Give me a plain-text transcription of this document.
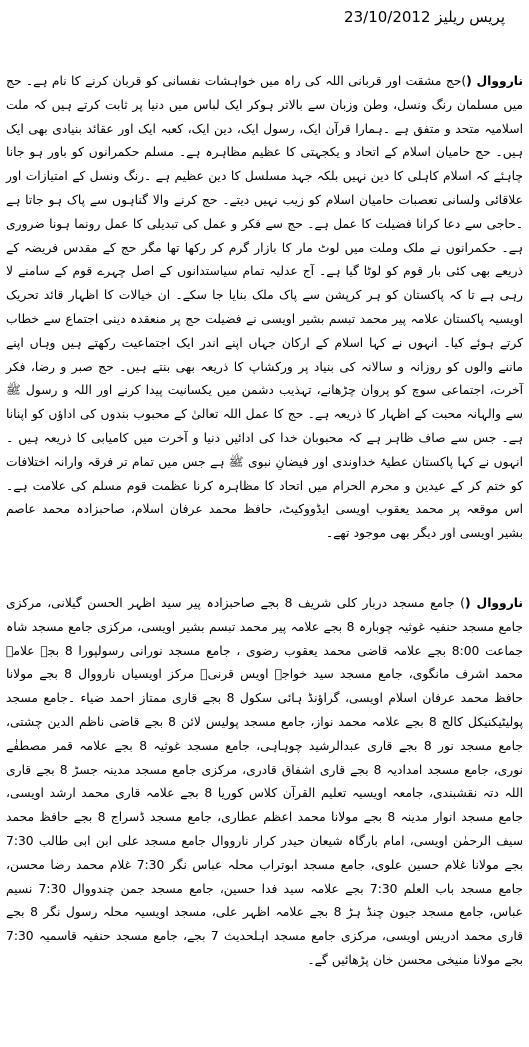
پریس ریلیز 23/10/2012
نارووال ()حج مشقت اور قربانی اللہ کی راہ میں خواہشات نفسانی کو قربان کرنے کا نام ہے۔ حج میں مسلمان رنگ ونسل، وطن وزبان سے بالاتر ہوکر ایک لباس میں دنیا پر ثابت کرتے ہیں کہ ملت اسلامیہ متحد و متفق ہے ۔ہمارا قرآن ایک، رسول ایک، دین ایک، کعبہ ایک اور عقائد بنیادی بھی ایک ہیں۔ حج حامیان اسلام کے اتحاد و یکجہتی کا عظیم مظاہرہ ہے۔ مسلم حکمرانوں کو باور ہو جانا چاہئے کہ اسلام کاہلی کا دین نہیں بلکہ جہد مسلسل کا دین عظیم ہے ۔رنگ ونسل کے امتیازات اور علاقائی ولسانی تعصبات حامیان اسلام کو زیب نہیں دیتے۔ حج کرنے والا گناہوں سے پاک ہو جاتا ہے ۔حاجی سے دعا کرانا فضیلت کا عمل ہے۔ حج سے فکر و عمل کی تبدیلی کا عمل رونما ہونا ضروری ہے۔ حکمرانوں نے ملک وملت میں لوٹ مار کا بازار گرم کر رکھا تھا مگر حج کے مقدس فریضہ کے ذریعے بھی کئی بار قوم کو لوٹا گیا ہے۔ آج عدلیہ تمام سیاستدانوں کے اصل چہرے قوم کے سامنے لا رہی ہے تا کہ پاکستان کو ہر کرپشن سے پاک ملک بنایا جا سکے۔ ان خیالات کا اظہار قائد تحریک اویسیہ پاکستان علامہ پیر محمد تبسم بشیر اویسی نے فضیلت حج پر منعقدہ دینی اجتماع سے خطاب کرتے ہوئے کیا۔ انہوں نے کہا اسلام کے ارکان جہاں اپنے اندر ایک اجتماعیت رکھتے ہیں وہاں اپنے ماننے والوں کو روزانہ و سالانہ کی بنیاد پر ورکشاپ کا ذریعہ بھی بنتے ہیں۔ حج صبر و رضا، فکر آخرت، اجتماعی سوچ کو پروان چڑھانے، تہذیب دشمن میں یکسانیت پیدا کرنے اور اللہ و رسول ﷺ سے والہانہ محبت کے اظہار کا ذریعہ ہے۔ حج کا عمل اللہ تعالیٰ کے محبوب بندوں کی اداؤں کو اپنانا ہے۔ جس سے صاف ظاہر ہے کہ محبوبان خدا کی ادائیں دنیا و آخرت میں کامیابی کا ذریعہ ہیں ۔انہوں نے کہا پاکستان عطیۂ خداوندی اور فیضانِ نبوی ﷺ ہے جس میں تمام تر فرقہ وارانہ اختلافات کو ختم کر کے عیدین و محرم الحرام میں اتحاد کا مظاہرہ کرنا عظمت قوم مسلم کی علامت ہے۔ اس موقعہ پر محمد یعقوب اویسی ایڈووکیٹ، حافظ محمد عرفان اسلام، صاحبزادہ محمد عاصم بشیر اویسی اور دیگر بھی موجود تھے۔
نارووال () جامع مسجد دربار کلی شریف 8 بجے صاحبزادہ پیر سید اظہر الحسن گیلانی، مرکزی جامع مسجد حنفیہ غوثیہ چوبارہ 8 بجے علامہ پیر محمد تبسم بشیر اویسی، مرکزی جامع مسجد شاہ جماعت 8:00 بجے علامہ قاضی محمد یعقوب رضوی ، جامع مسجد نورانی رسولپورا 8 بجے علامہ محمد اشرف مانگوی، جامع مسجد سید خواجہ اویس قرنیؓ مرکز اویسیاں نارووال 8 بجے مولانا حافظ محمد عرفان اسلام اویسی، گراؤنڈ ہائی سکول 8 بجے قاری ممتاز احمد ضیاء ۔جامع مسجد پولیٹیکنیکل کالج 8 بجے علامہ محمد نواز، جامع مسجد پولیس لائن 8 بجے قاضی ناظم الدین چشتی، جامع مسجد نور 8 بجے قاری عبدالرشید چوہاہی، جامع مسجد غوثیہ 8 بجے علامہ قمر مصطفٰے نوری، جامع مسجد امدادیہ 8 بجے قاری اشفاق قادری، مرکزی جامع مسجد مدینہ جسڑ 8 بجے قاری اللہ دتہ نقشبندی، جامعہ اویسیہ تعلیم القرآن کلاس کوریا 8 بجے علامہ قاری محمد ارشد اویسی، جامع مسجد انوار مدینہ 8 بجے مولانا محمد اعظم عطاری، جامع مسجد ڈسراج 8 بجے حافظ محمد سیف الرحمٰن اویسی، امام بارگاہ شیعان حیدر کرار نارووال جامع مسجد علی ابن ابی طالب 7:30 بجے مولانا غلام حسین علوی، جامع مسجد ابوتراب محلہ عباس نگر 7:30 غلام محمد رضا محسن، جامع مسجد باب العلم 7:30 بجے علامہ سید فدا حسین، جامع مسجد جمن چندووال 7:30 نسیم عباس، جامع مسجد جیون چنڈ ہڑ 8 بجے علامہ اظہر علی، مسجد اویسیہ محلہ رسول نگر 8 بجے قاری محمد ادریس اویسی، مرکزی جامع مسجد اہلحدیث 7 بجے، جامع مسجد حنفیہ قاسمیہ 7:30 بجے مولانا منیخی محسن خان پڑھائیں گے۔
